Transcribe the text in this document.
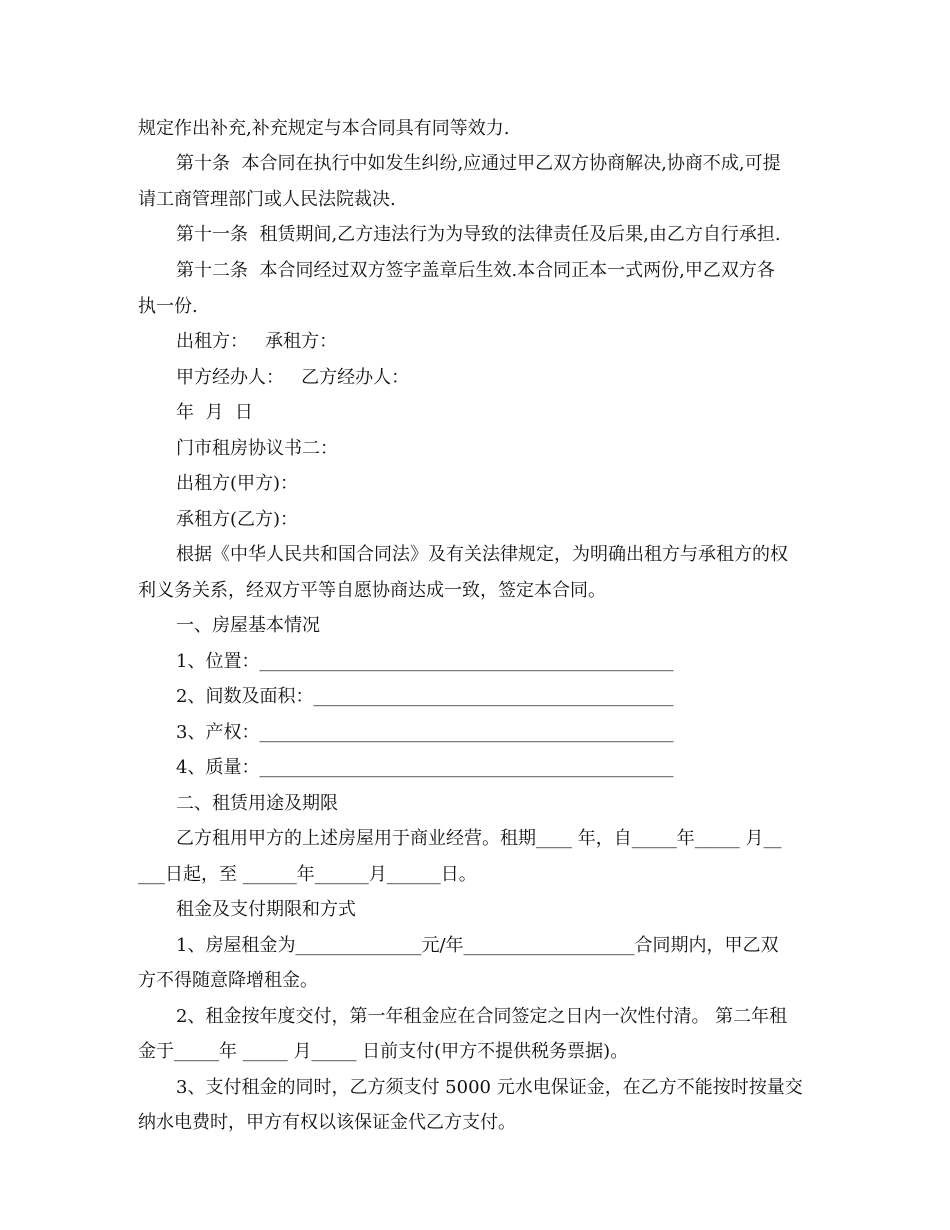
规定作出补充,补充规定与本合同具有同等效力.
第十条  本合同在执行中如发生纠纷,应通过甲乙双方协商解决,协商不成,可提
请工商管理部门或人民法院裁决.
第十一条  租赁期间,乙方违法行为为导致的法律责任及后果,由乙方自行承担.
第十二条  本合同经过双方签字盖章后生效.本合同正本一式两份,甲乙双方各
执一份.
出租方：   承租方：
甲方经办人：   乙方经办人：
年  月  日
门市租房协议书二：
出租方(甲方)：
承租方(乙方)：
根据《中华人民共和国合同法》及有关法律规定，为明确出租方与承租方的权
利义务关系，经双方平等自愿协商达成一致，签定本合同。
一、房屋基本情况
1、位置：______________________________________________
2、间数及面积：________________________________________
3、产权：______________________________________________
4、质量：______________________________________________
二、租赁用途及期限
乙方租用甲方的上述房屋用于商业经营。租期____ 年，自_____年_____ 月__
___日起，至 ______年______月______日。
租金及支付期限和方式
1、房屋租金为______________元/年___________________合同期内，甲乙双
方不得随意降增租金。
2、租金按年度交付，第一年租金应在合同签定之日内一次性付清。 第二年租
金于_____年 _____ 月_____ 日前支付(甲方不提供税务票据)。
3、支付租金的同时，乙方须支付 5000 元水电保证金，在乙方不能按时按量交
纳水电费时，甲方有权以该保证金代乙方支付。
